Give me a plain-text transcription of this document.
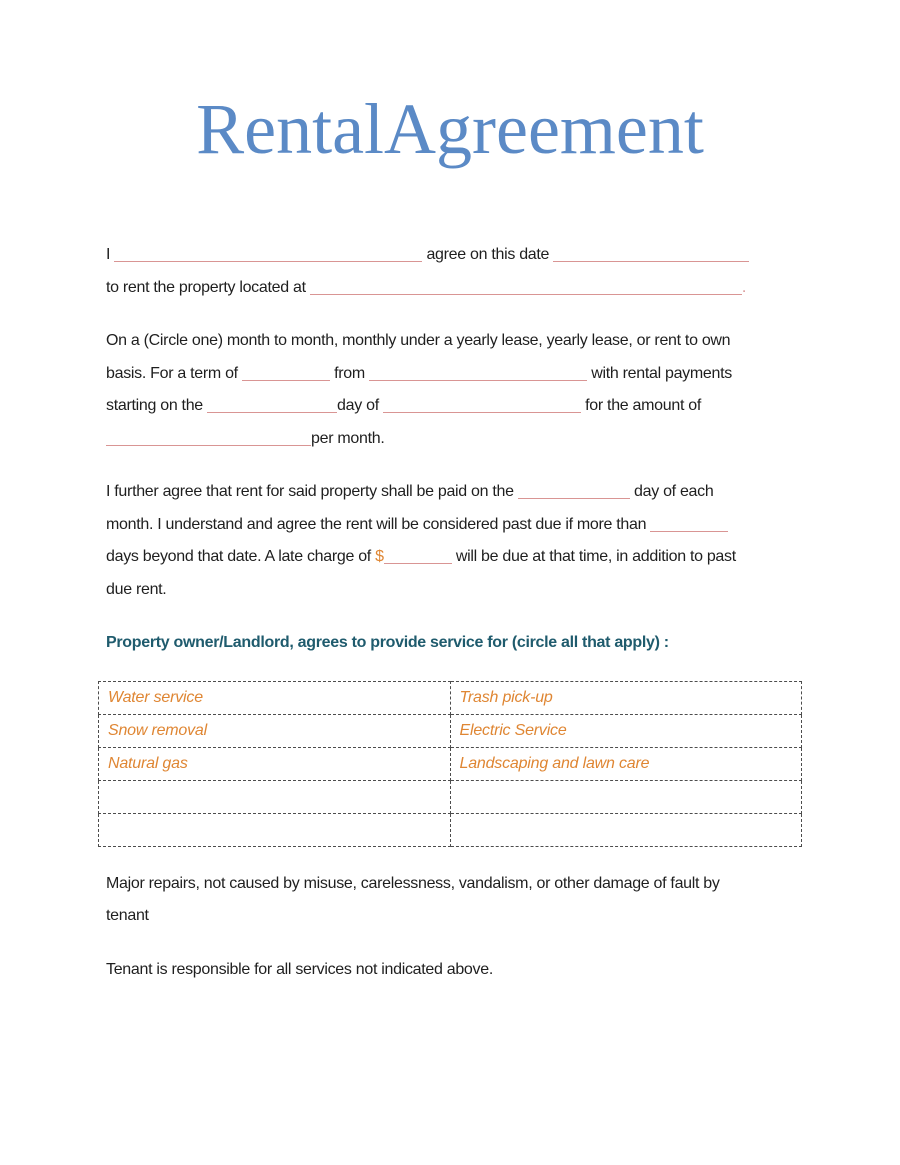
RentalAgreement
I	agree on this date
to rent the property located at	.
On a (Circle one) month to month, monthly under a yearly lease, yearly lease, or rent to own
basis. For a term of	from	with rental payments
starting on the	day of	for the amount of
per month.
I further agree that rent for said property shall be paid on the	day of each
month. I understand and agree the rent will be considered past due if more than
days beyond that date. A late charge of $	will be due at that time, in addition to past
due rent.
Property owner/Landlord, agrees to provide service for (circle all that apply) :
Water service	Trash pick-up
Snow removal	Electric Service
Natural gas	Landscaping and lawn care

Major repairs, not caused by misuse, carelessness, vandalism, or other damage of fault by
tenant
Tenant is responsible for all services not indicated above.
